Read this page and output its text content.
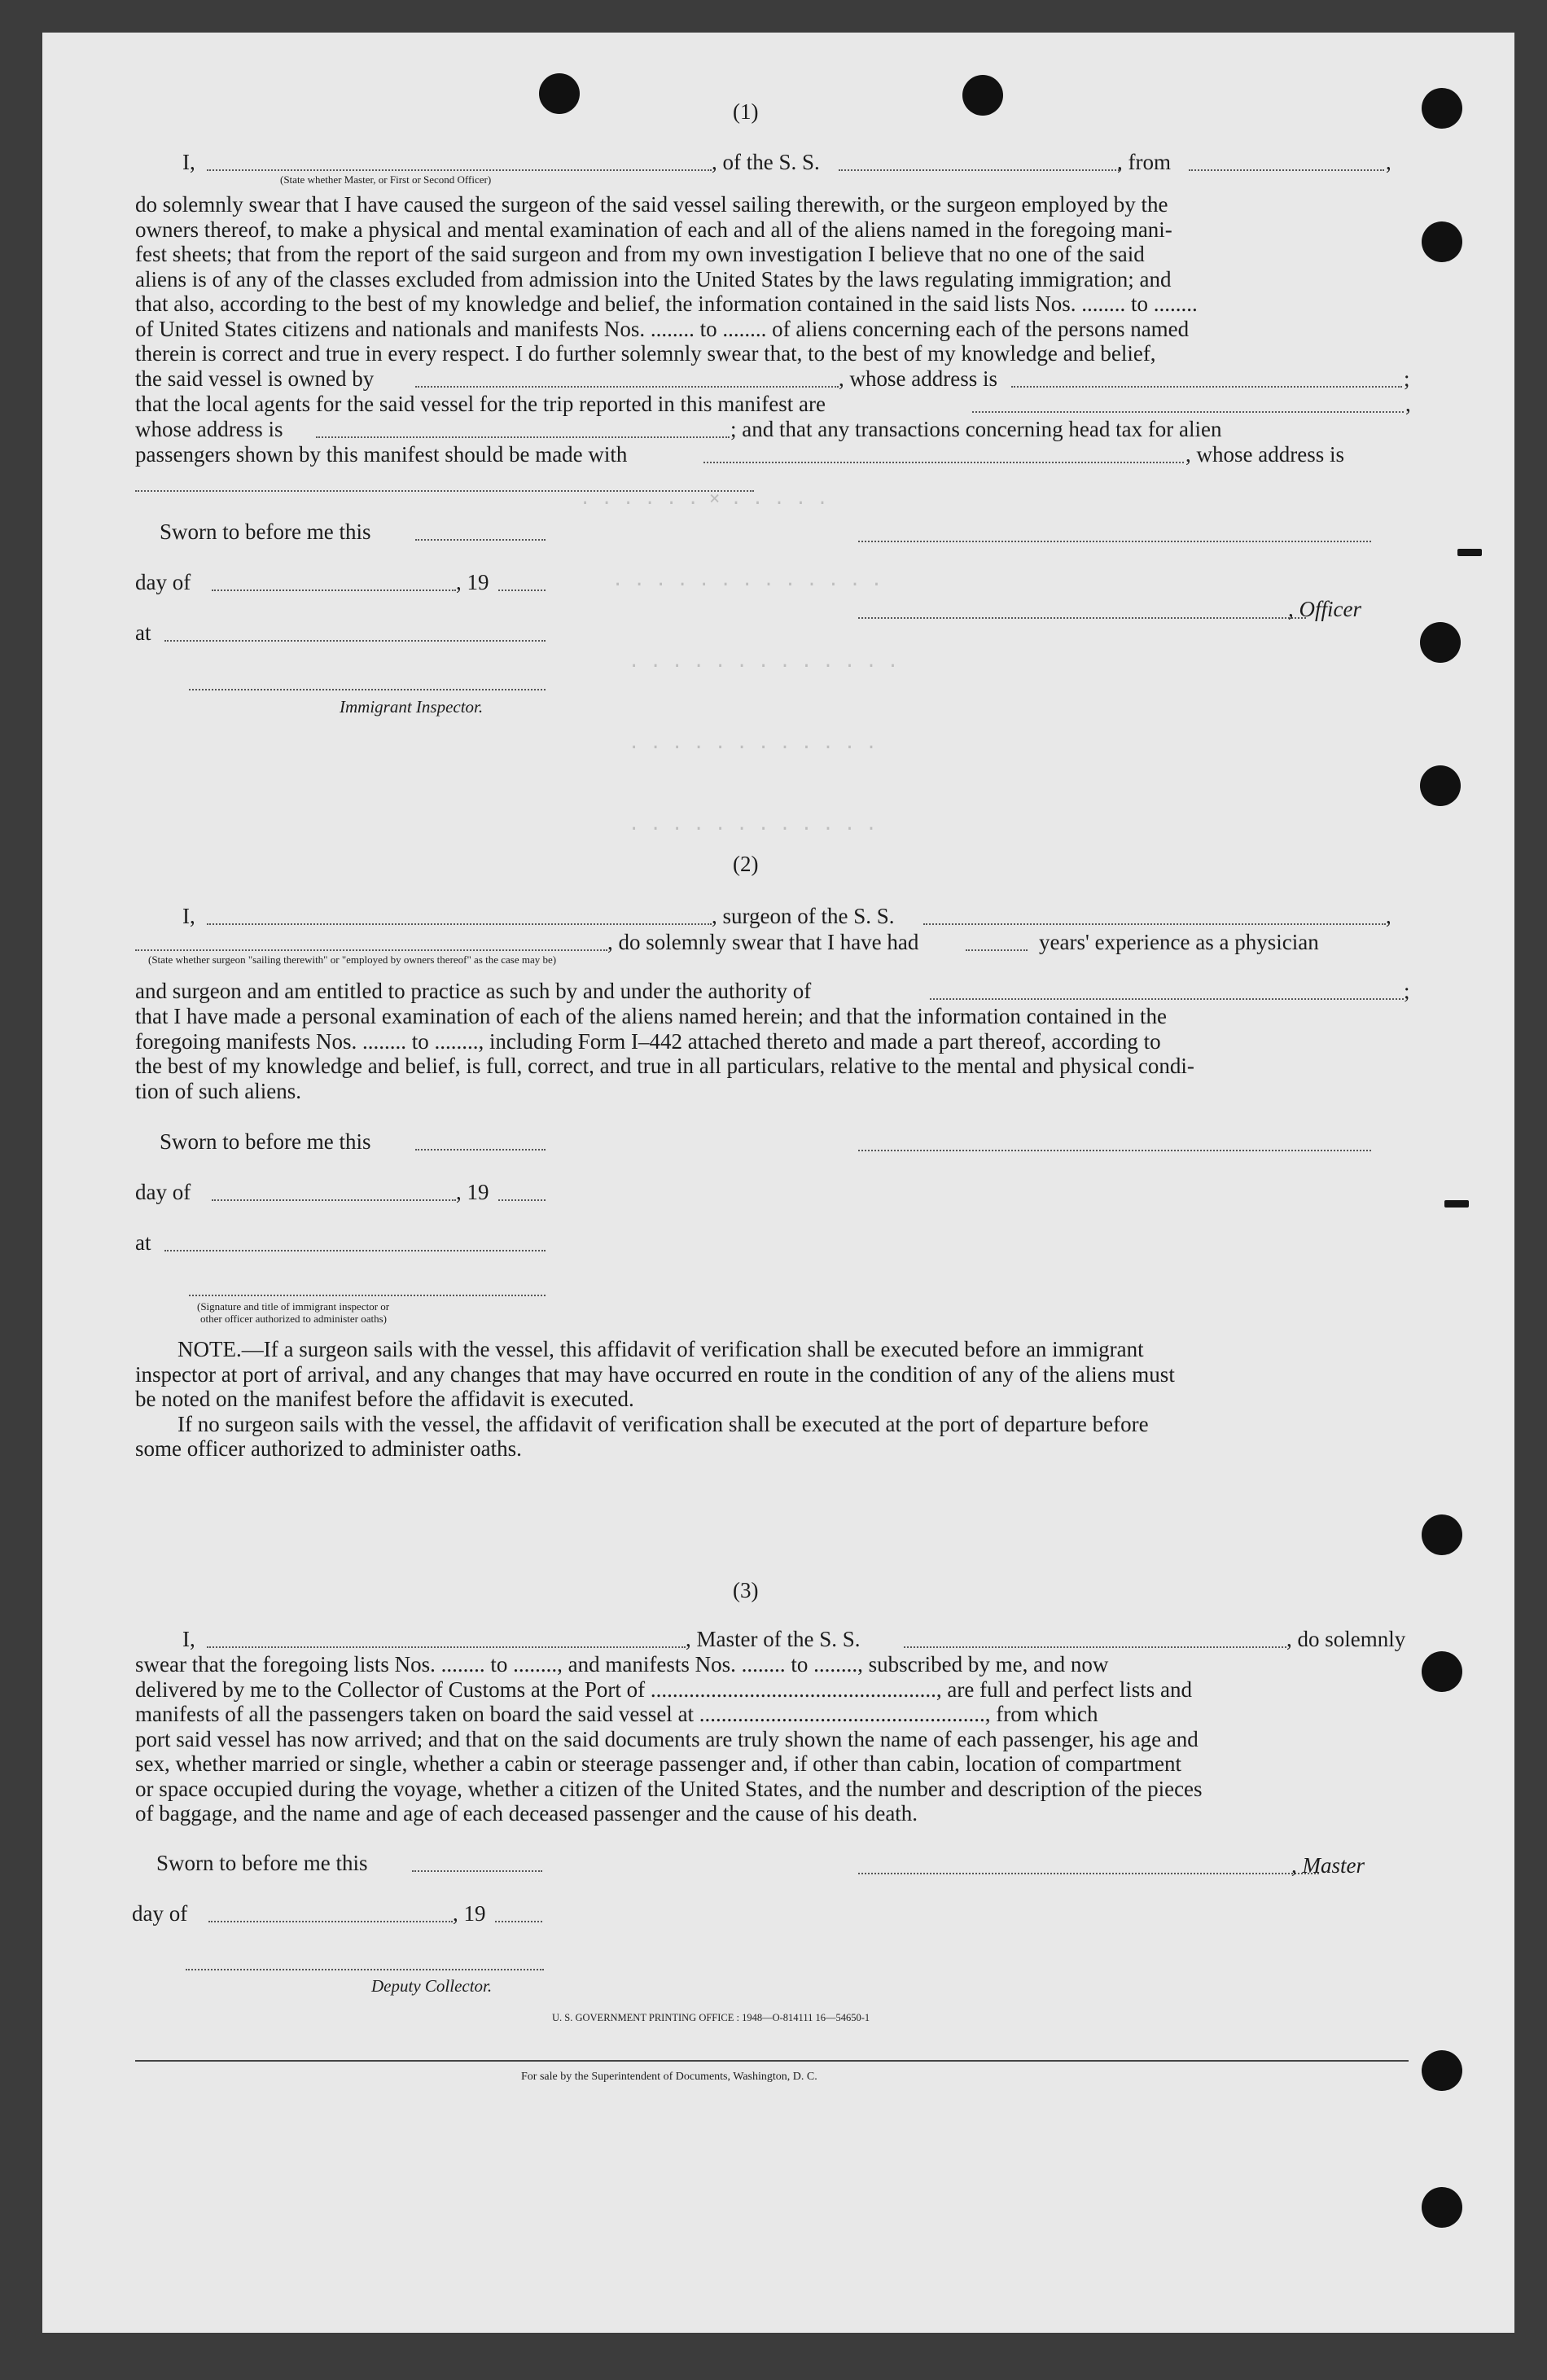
. . . . . . × . . . . .
. . . . . . . . . . . . .
. . . . . . . . . . . . .
. . . . . . . . . . . .
. . . . . . . . . . . .
(1)
I,	, of the S. S.	, from	,
(State whether Master, or First or Second Officer)

do solemnly swear that I have caused the surgeon of the said vessel sailing therewith, or the surgeon employed by the

owners thereof, to make a physical and mental examination of each and all of the aliens named in the foregoing mani-

fest sheets; that from the report of the said surgeon and from my own investigation I believe that no one of the said

aliens is of any of the classes excluded from admission into the United States by the laws regulating immigration; and

that also, according to the best of my knowledge and belief, the information contained in the said lists Nos. ........ to ........

of United States citizens and nationals and manifests Nos. ........ to ........ of aliens concerning each of the persons named

therein is correct and true in every respect. I do further solemnly swear that, to the best of my knowledge and belief,

the said vessel is owned by	, whose address is	;
that the local agents for the said vessel for the trip reported in this manifest are	,
whose address is	; and that any transactions concerning head tax for alien
passengers shown by this manifest should be made with	, whose address is
Sworn to before me this
day of	, 19
, Officer
at
Immigrant Inspector.
(2)
I,	, surgeon of the S. S.	,
, do solemnly swear that I have had	years' experience as a physician
(State whether surgeon "sailing therewith" or "employed by owners thereof" as the case may be)
and surgeon and am entitled to practice as such by and under the authority of	;

that I have made a personal examination of each of the aliens named herein; and that the information contained in the

foregoing manifests Nos. ........ to ........, including Form I–442 attached thereto and made a part thereof, according to

the best of my knowledge and belief, is full, correct, and true in all particulars, relative to the mental and physical condi-

tion of such aliens.

Sworn to before me this
day of	, 19
at
(Signature and title of immigrant inspector or
other officer authorized to administer oaths)

NOTE.—If a surgeon sails with the vessel, this affidavit of verification shall be executed before an immigrant

inspector at port of arrival, and any changes that may have occurred en route in the condition of any of the aliens must

be noted on the manifest before the affidavit is executed.

If no surgeon sails with the vessel, the affidavit of verification shall be executed at the port of departure before

some officer authorized to administer oaths.

(3)
I,	, Master of the S. S.	, do solemnly

swear that the foregoing lists Nos. ........ to ........, and manifests Nos. ........ to ........, subscribed by me, and now

delivered by me to the Collector of Customs at the Port of ...................................................., are full and perfect lists and

manifests of all the passengers taken on board the said vessel at ...................................................., from which

port said vessel has now arrived; and that on the said documents are truly shown the name of each passenger, his age and

sex, whether married or single, whether a cabin or steerage passenger and, if other than cabin, location of compartment

or space occupied during the voyage, whether a citizen of the United States, and the number and description of the pieces

of baggage, and the name and age of each deceased passenger and the cause of his death.

Sworn to before me this	, Master
day of	, 19
Deputy Collector.
U. S. GOVERNMENT PRINTING OFFICE : 1948—O-814111 16—54650-1
For sale by the Superintendent of Documents, Washington, D. C.
